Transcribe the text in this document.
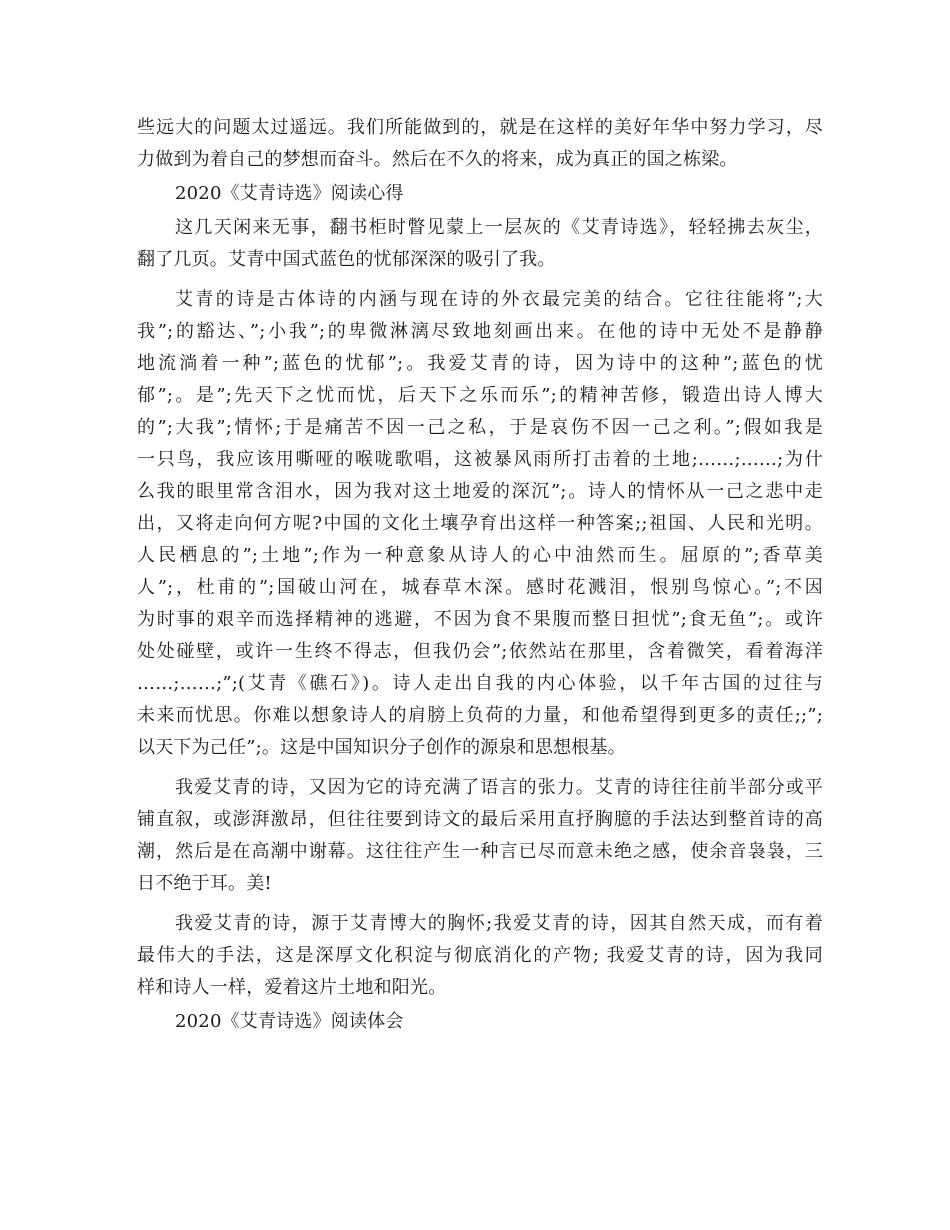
些远大的问题太过遥远。我们所能做到的，就是在这样的美好年华中努力学习，尽
力做到为着自己的梦想而奋斗。然后在不久的将来，成为真正的国之栋梁。
2020《艾青诗选》阅读心得
这几天闲来无事，翻书柜时瞥见蒙上一层灰的《艾青诗选》，轻轻拂去灰尘，
翻了几页。艾青中国式蓝色的忧郁深深的吸引了我。
艾青的诗是古体诗的内涵与现在诗的外衣最完美的结合。它往往能将”;大
我”;的豁达、”;小我”;的卑微淋漓尽致地刻画出来。在他的诗中无处不是静静
地流淌着一种”;蓝色的忧郁”;。我爱艾青的诗，因为诗中的这种”;蓝色的忧
郁”;。是”;先天下之忧而忧，后天下之乐而乐”;的精神苦修，锻造出诗人博大
的”;大我”;情怀;于是痛苦不因一己之私，于是哀伤不因一己之利。”;假如我是
一只鸟，我应该用嘶哑的喉咙歌唱，这被暴风雨所打击着的土地;……;……;为什
么我的眼里常含泪水，因为我对这土地爱的深沉”;。诗人的情怀从一己之悲中走
出，又将走向何方呢?中国的文化土壤孕育出这样一种答案;;祖国、人民和光明。
人民栖息的”;土地”;作为一种意象从诗人的心中油然而生。屈原的”;香草美
人”;，杜甫的”;国破山河在，城春草木深。感时花溅泪，恨别鸟惊心。”;不因
为时事的艰辛而选择精神的逃避，不因为食不果腹而整日担忧”;食无鱼”;。或许
处处碰壁，或许一生终不得志，但我仍会”;依然站在那里，含着微笑，看着海洋
……;……;”;(艾青《礁石》)。诗人走出自我的内心体验，以千年古国的过往与
未来而忧思。你难以想象诗人的肩膀上负荷的力量，和他希望得到更多的责任;;”;
以天下为己任”;。这是中国知识分子创作的源泉和思想根基。
我爱艾青的诗，又因为它的诗充满了语言的张力。艾青的诗往往前半部分或平
铺直叙，或澎湃激昂，但往往要到诗文的最后采用直抒胸臆的手法达到整首诗的高
潮，然后是在高潮中谢幕。这往往产生一种言已尽而意未绝之感，使余音袅袅，三
日不绝于耳。美!
我爱艾青的诗，源于艾青博大的胸怀;我爱艾青的诗，因其自然天成，而有着
最伟大的手法，这是深厚文化积淀与彻底消化的产物; 我爱艾青的诗，因为我同
样和诗人一样，爱着这片土地和阳光。
2020《艾青诗选》阅读体会
